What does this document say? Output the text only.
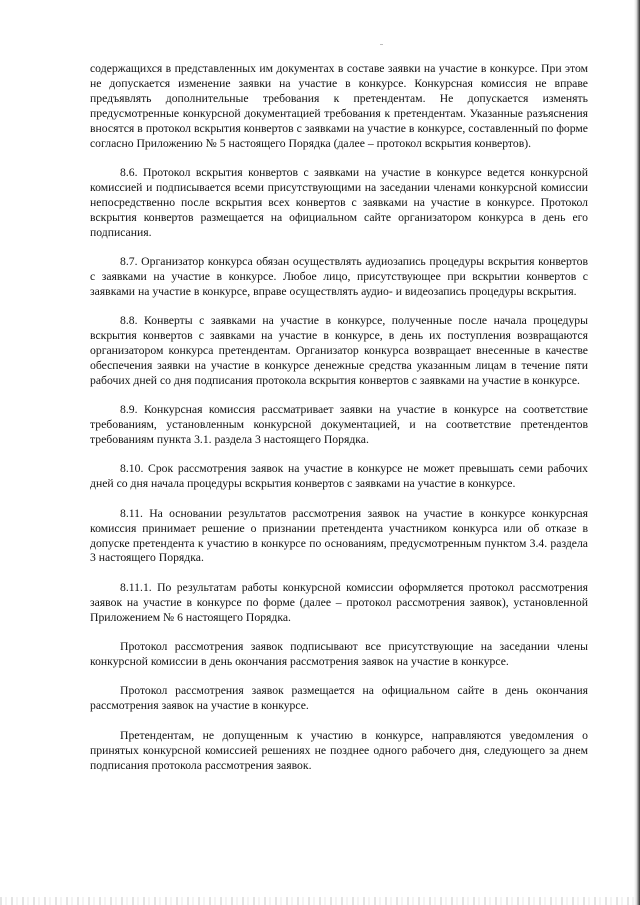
содержащихся в представленных им документах в составе заявки на участие в конкурсе. При этом не допускается изменение заявки на участие в конкурсе. Конкурсная комиссия не вправе предъявлять дополнительные требования к претендентам. Не допускается изменять предусмотренные конкурсной документацией требования к претендентам. Указанные разъяснения вносятся в протокол вскрытия конвертов с заявками на участие в конкурсе, составленный по форме согласно Приложению № 5 настоящего Порядка (далее – протокол вскрытия конвертов).

8.6. Протокол вскрытия конвертов с заявками на участие в конкурсе ведется конкурсной комиссией и подписывается всеми присутствующими на заседании членами конкурсной комиссии непосредственно после вскрытия всех конвертов с заявками на участие в конкурсе. Протокол вскрытия конвертов размещается на официальном сайте организатором конкурса в день его подписания.

8.7. Организатор конкурса обязан осуществлять аудиозапись процедуры вскрытия конвертов с заявками на участие в конкурсе. Любое лицо, присутствующее при вскрытии конвертов с заявками на участие в конкурсе, вправе осуществлять аудио- и видеозапись процедуры вскрытия.

8.8. Конверты с заявками на участие в конкурсе, полученные после начала процедуры вскрытия конвертов с заявками на участие в конкурсе, в день их поступления возвращаются организатором конкурса претендентам. Организатор конкурса возвращает внесенные в качестве обеспечения заявки на участие в конкурсе денежные средства указанным лицам в течение пяти рабочих дней со дня подписания протокола вскрытия конвертов с заявками на участие в конкурсе.

8.9. Конкурсная комиссия рассматривает заявки на участие в конкурсе на соответствие требованиям, установленным конкурсной документацией, и на соответствие претендентов требованиям пункта 3.1. раздела 3 настоящего Порядка.

8.10. Срок рассмотрения заявок на участие в конкурсе не может превышать семи рабочих дней со дня начала процедуры вскрытия конвертов с заявками на участие в конкурсе.

8.11. На основании результатов рассмотрения заявок на участие в конкурсе конкурсная комиссия принимает решение о признании претендента участником конкурса или об отказе в допуске претендента к участию в конкурсе по основаниям, предусмотренным пунктом 3.4. раздела 3 настоящего Порядка.

8.11.1. По результатам работы конкурсной комиссии оформляется протокол рассмотрения заявок на участие в конкурсе по форме (далее – протокол рассмотрения заявок), установленной Приложением № 6 настоящего Порядка.

Протокол рассмотрения заявок подписывают все присутствующие на заседании члены конкурсной комиссии в день окончания рассмотрения заявок на участие в конкурсе.

Протокол рассмотрения заявок размещается на официальном сайте в день окончания рассмотрения заявок на участие в конкурсе.

Претендентам, не допущенным к участию в конкурсе, направляются уведомления о принятых конкурсной комиссией решениях не позднее одного рабочего дня, следующего за днем подписания протокола рассмотрения заявок.
